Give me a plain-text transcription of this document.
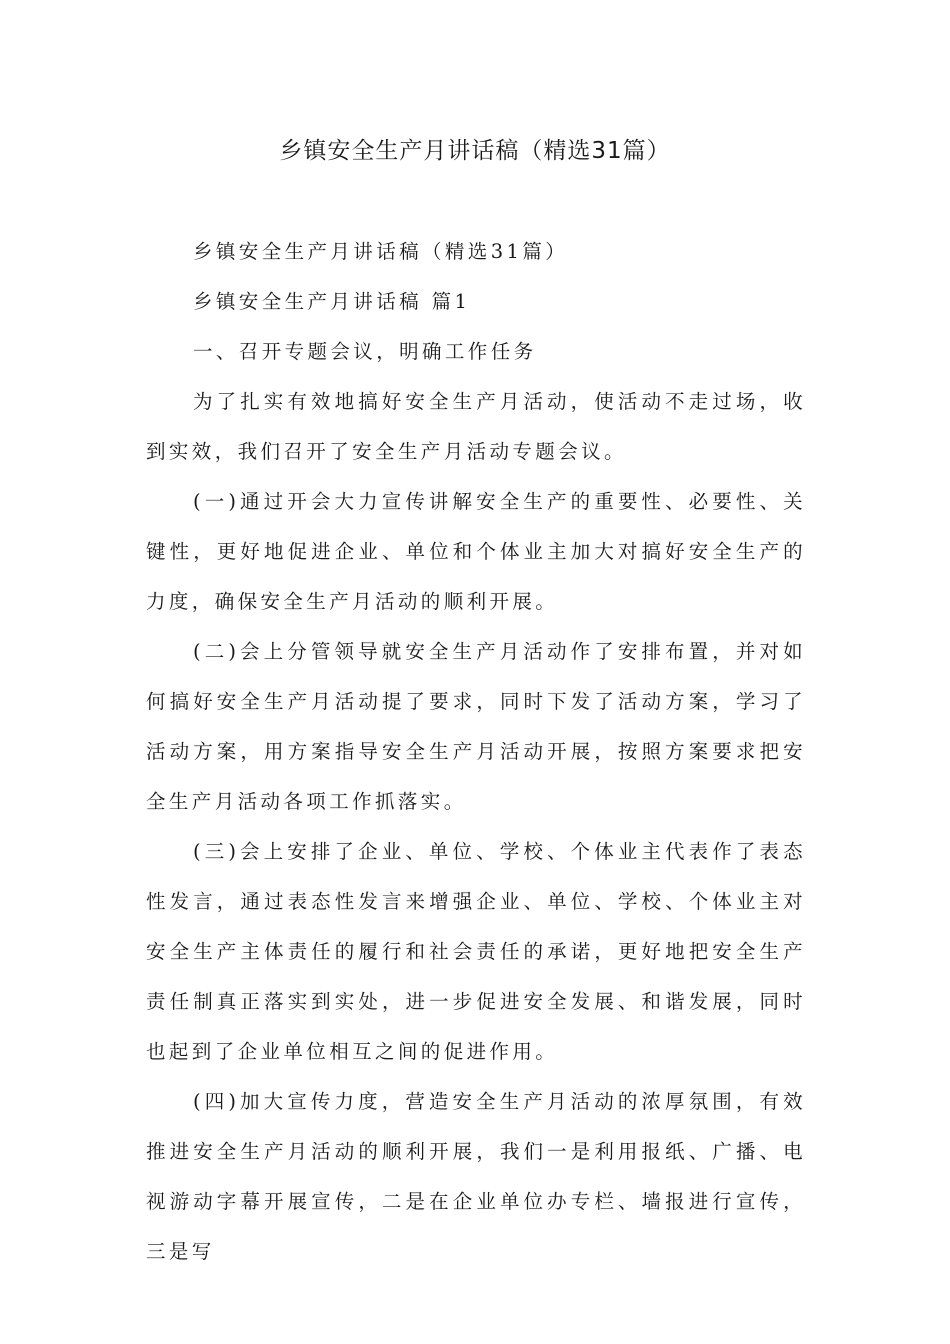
乡镇安全生产月讲话稿（精选31篇）

乡镇安全生产月讲话稿（精选31篇）

乡镇安全生产月讲话稿 篇1

一、召开专题会议，明确工作任务

为了扎实有效地搞好安全生产月活动，使活动不走过场，收到实效，我们召开了安全生产月活动专题会议。

(一)通过开会大力宣传讲解安全生产的重要性、必要性、关键性，更好地促进企业、单位和个体业主加大对搞好安全生产的力度，确保安全生产月活动的顺利开展。

(二)会上分管领导就安全生产月活动作了安排布置，并对如何搞好安全生产月活动提了要求，同时下发了活动方案，学习了活动方案，用方案指导安全生产月活动开展，按照方案要求把安全生产月活动各项工作抓落实。

(三)会上安排了企业、单位、学校、个体业主代表作了表态性发言，通过表态性发言来增强企业、单位、学校、个体业主对安全生产主体责任的履行和社会责任的承诺，更好地把安全生产责任制真正落实到实处，进一步促进安全发展、和谐发展，同时也起到了企业单位相互之间的促进作用。

(四)加大宣传力度，营造安全生产月活动的浓厚氛围，有效推进安全生产月活动的顺利开展，我们一是利用报纸、广播、电视游动字幕开展宣传，二是在企业单位办专栏、墙报进行宣传，三是写
